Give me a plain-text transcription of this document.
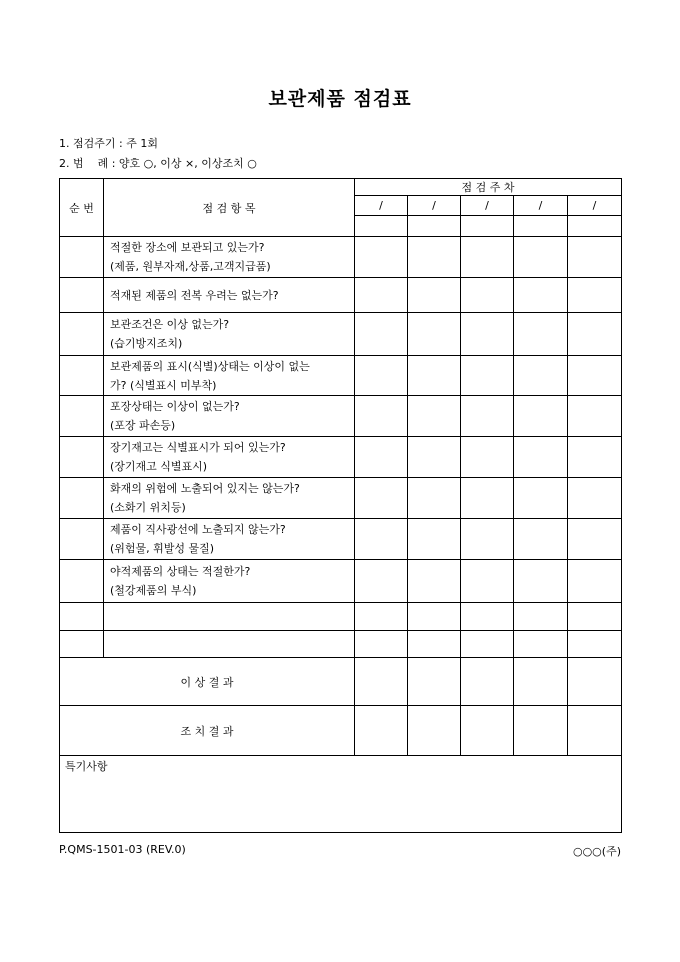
보관제품 점검표
1. 점검주기 : 주 1회
2. 범    례 : 양호 ○, 이상 ×, 이상조치 ○
순 번	점 검 항 목	점 검 주 차				
		/	/	/	/	/

	적절한 장소에 보관되고 있는가?
(제품, 원부자재,상품,고객지급품)					

	적재된 제품의 전복 우려는 없는가?					

	보관조건은 이상 없는가?
(습기방지조치)					

	보관제품의 표시(식별)상태는 이상이 없는
가? (식별표시 미부착)					

	포장상태는 이상이 없는가?
(포장 파손등)					

	장기재고는 식별표시가 되어 있는가?
(장기재고 식별표시)					

	화재의 위험에 노출되어 있지는 않는가?
(소화기 위치등)					

	제품이 직사광선에 노출되지 않는가?
(위험물, 휘발성 물질)					

	야적제품의 상태는 적절한가?
(철강제품의 부식)					

이 상 결 과						
조 치 결 과						

특기사항						
P.QMS-1501-03 (REV.0)	○○○(주)
